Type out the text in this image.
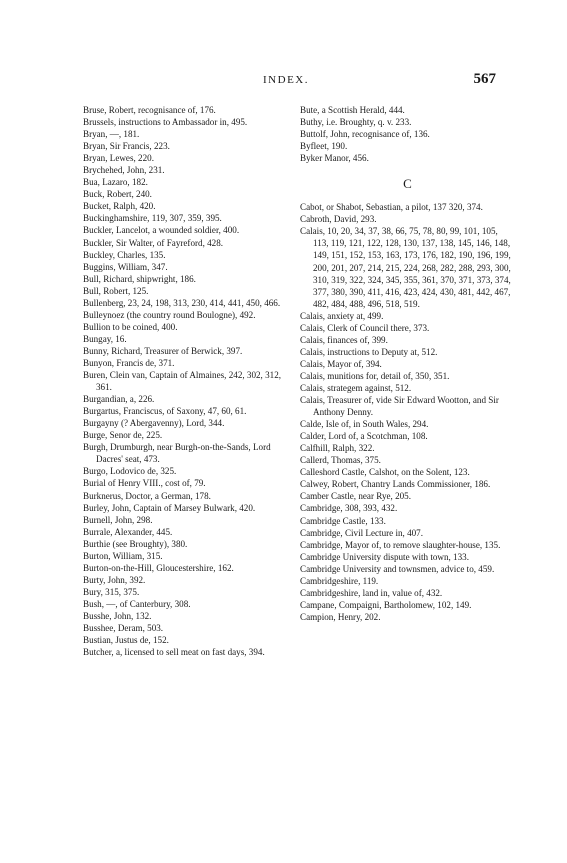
INDEX.	567
Bruse, Robert, recognisance of, 176.
Brussels, instructions to Ambassador in, 495.
Bryan, —, 181.
Bryan, Sir Francis, 223.
Bryan, Lewes, 220.
Brychehed, John, 231.
Bua, Lazaro, 182.
Buck, Robert, 240.
Bucket, Ralph, 420.
Buckinghamshire, 119, 307, 359, 395.
Buckler, Lancelot, a wounded soldier, 400.
Buckler, Sir Walter, of Fayreford, 428.
Buckley, Charles, 135.
Buggins, William, 347.
Bull, Richard, shipwright, 186.
Bull, Robert, 125.
Bullenberg, 23, 24, 198, 313, 230, 414, 441, 450, 466.
Bulleynoez (the country round Boulogne), 492.
Bullion to be coined, 400.
Bungay, 16.
Bunny, Richard, Treasurer of Berwick, 397.
Bunyon, Francis de, 371.
Buren, Clein van, Captain of Almaines, 242, 302, 312, 361.
Burgandian, a, 226.
Burgartus, Franciscus, of Saxony, 47, 60, 61.
Burgayny (? Abergavenny), Lord, 344.
Burge, Senor de, 225.
Burgh, Drumburgh, near Burgh-on-the-Sands, Lord Dacres' seat, 473.
Burgo, Lodovico de, 325.
Burial of Henry VIII., cost of, 79.
Burknerus, Doctor, a German, 178.
Burley, John, Captain of Marsey Bulwark, 420.
Burnell, John, 298.
Burrale, Alexander, 445.
Burthie (see Broughty), 380.
Burton, William, 315.
Burton-on-the-Hill, Gloucestershire, 162.
Burty, John, 392.
Bury, 315, 375.
Bush, —, of Canterbury, 308.
Busshe, John, 132.
Busshee, Deram, 503.
Bustian, Justus de, 152.
Butcher, a, licensed to sell meat on fast days, 394.
Bute, a Scottish Herald, 444.
Buthy, i.e. Broughty, q. v. 233.
Buttolf, John, recognisance of, 136.
Byfleet, 190.
Byker Manor, 456.
C
Cabot, or Shabot, Sebastian, a pilot, 137 320, 374.
Cabroth, David, 293.
Calais, 10, 20, 34, 37, 38, 66, 75, 78, 80, 99, 101, 105, 113, 119, 121, 122, 128, 130, 137, 138, 145, 146, 148, 149, 151, 152, 153, 163, 173, 176, 182, 190, 196, 199, 200, 201, 207, 214, 215, 224, 268, 282, 288, 293, 300, 310, 319, 322, 324, 345, 355, 361, 370, 371, 373, 374, 377, 380, 390, 411, 416, 423, 424, 430, 481, 442, 467, 482, 484, 488, 496, 518, 519.
Calais, anxiety at, 499.
Calais, Clerk of Council there, 373.
Calais, finances of, 399.
Calais, instructions to Deputy at, 512.
Calais, Mayor of, 394.
Calais, munitions for, detail of, 350, 351.
Calais, strategem against, 512.
Calais, Treasurer of, vide Sir Edward Wootton, and Sir Anthony Denny.
Calde, Isle of, in South Wales, 294.
Calder, Lord of, a Scotchman, 108.
Calfhill, Ralph, 322.
Callerd, Thomas, 375.
Calleshord Castle, Calshot, on the Solent, 123.
Calwey, Robert, Chantry Lands Commissioner, 186.
Camber Castle, near Rye, 205.
Cambridge, 308, 393, 432.
Cambridge Castle, 133.
Cambridge, Civil Lecture in, 407.
Cambridge, Mayor of, to remove slaughter-house, 135.
Cambridge University dispute with town, 133.
Cambridge University and townsmen, advice to, 459.
Cambridgeshire, 119.
Cambridgeshire, land in, value of, 432.
Campane, Compaigni, Bartholomew, 102, 149.
Campion, Henry, 202.
